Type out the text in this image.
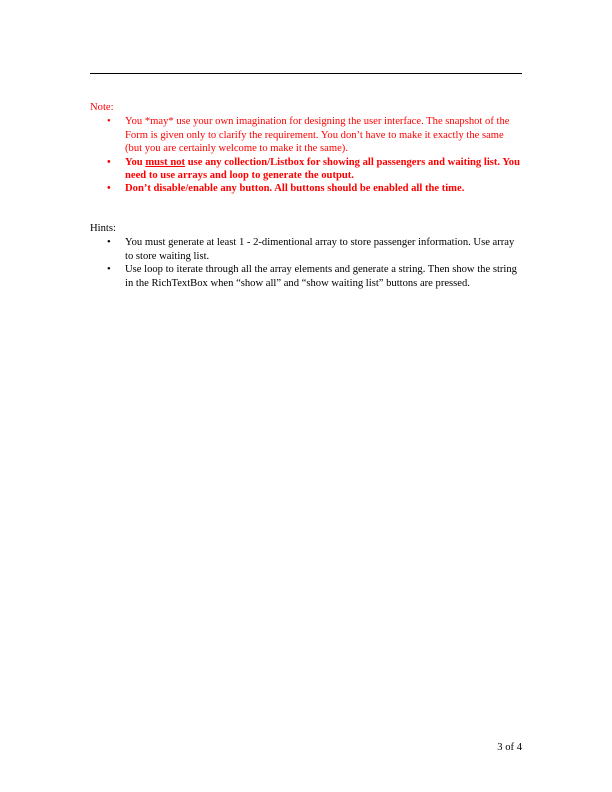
Note:
• You *may* use your own imagination for designing the user interface. The snapshot of the Form is given only to clarify the requirement. You don’t have to make it exactly the same (but you are certainly welcome to make it the same).
• You must not use any collection/Listbox for showing all passengers and waiting list. You need to use arrays and loop to generate the output.
• Don’t disable/enable any button. All buttons should be enabled all the time.
Hints:
• You must generate at least 1 - 2-dimentional array to store passenger information. Use array to store waiting list.
• Use loop to iterate through all the array elements and generate a string. Then show the string in the RichTextBox when “show all” and “show waiting list” buttons are pressed.
3 of 4
